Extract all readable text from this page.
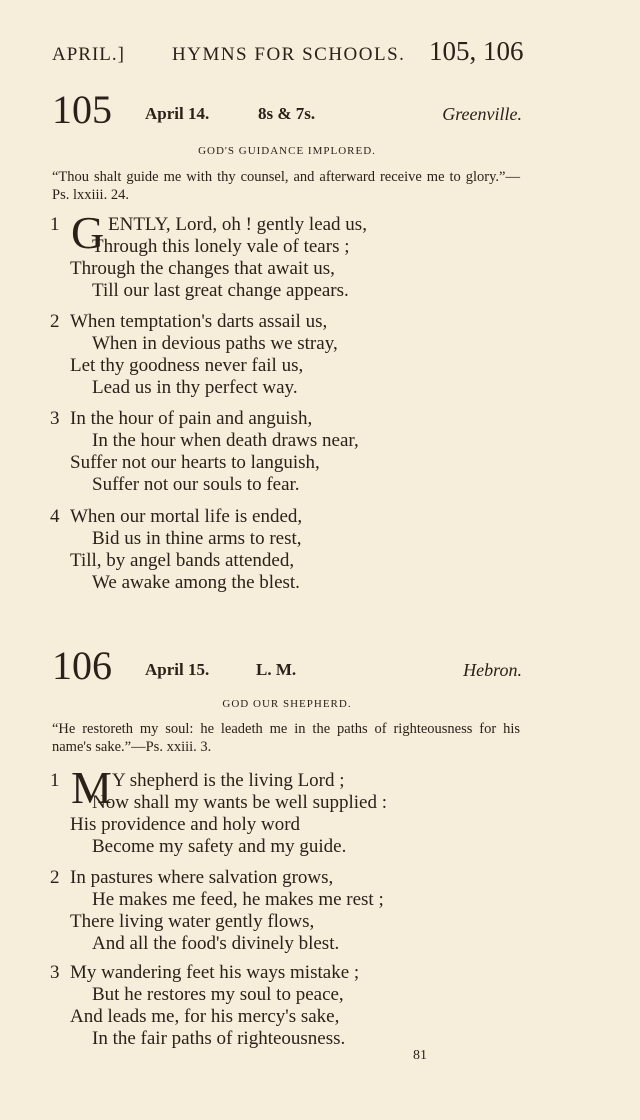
APRIL.] HYMNS FOR SCHOOLS. 105, 106
105 April 14.	8s & 7s.	Greenville.
GOD'S GUIDANCE IMPLORED.
“Thou shalt guide me with thy counsel, and afterward receive me to glory.”—Ps. lxxiii. 24.
1 G ENTLY, Lord, oh ! gently lead us,
Through this lonely vale of tears ;
Through the changes that await us,
Till our last great change appears.
2 When temptation's darts assail us,
When in devious paths we stray,
Let thy goodness never fail us,
Lead us in thy perfect way.
3 In the hour of pain and anguish,
In the hour when death draws near,
Suffer not our hearts to languish,
Suffer not our souls to fear.
4 When our mortal life is ended,
Bid us in thine arms to rest,
Till, by angel bands attended,
We awake among the blest.
106 April 15.	L. M.	Hebron.
GOD OUR SHEPHERD.
“He restoreth my soul: he leadeth me in the paths of righteousness for his name's sake.”—Ps. xxiii. 3.
1 M Y shepherd is the living Lord ;
Now shall my wants be well supplied :
His providence and holy word
Become my safety and my guide.
2 In pastures where salvation grows,
He makes me feed, he makes me rest ;
There living water gently flows,
And all the food's divinely blest.
3 My wandering feet his ways mistake ;
But he restores my soul to peace,
And leads me, for his mercy's sake,
In the fair paths of righteousness.
81
